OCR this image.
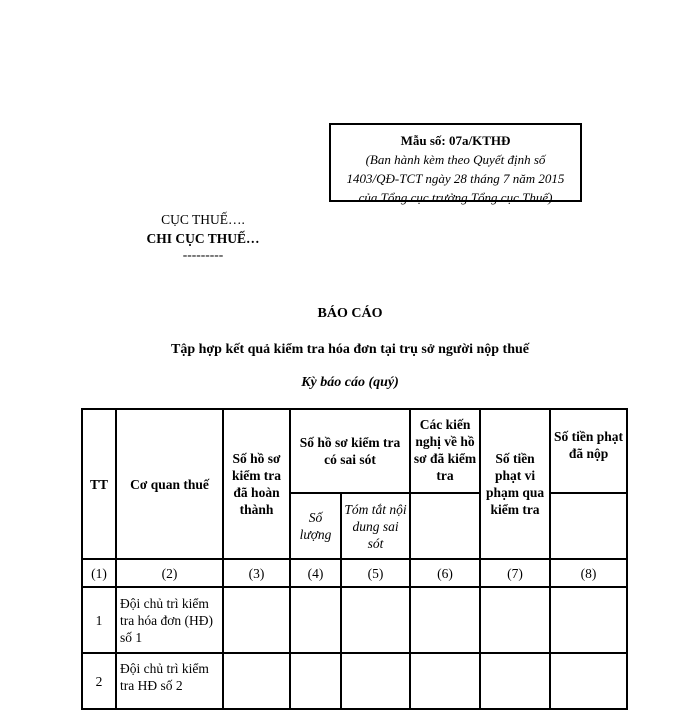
Mẫu số: 07a/KTHĐ
(Ban hành kèm theo Quyết định số
1403/QĐ-TCT ngày 28 tháng 7 năm 2015
của Tổng cục trưởng Tổng cục Thuế)
CỤC THUẾ….
CHI CỤC THUẾ…
---------
BÁO CÁO
Tập hợp kết quả kiểm tra hóa đơn tại trụ sở người nộp thuế
Kỳ báo cáo (quý)
TT	Cơ quan thuế	Số hồ sơ kiểm tra đã hoàn thành	Số hồ sơ kiểm tra có sai sót		Các kiến nghị về hồ sơ đã kiểm tra	Số tiền phạt vi phạm qua kiểm tra	Số tiền phạt đã nộp
			Số lượng	Tóm tắt nội dung sai sót			
(1)	(2)	(3)	(4)	(5)	(6)	(7)	(8)
1	Đội chủ trì kiểm tra hóa đơn (HĐ) số 1						
2	Đội chủ trì kiểm tra HĐ số 2						
